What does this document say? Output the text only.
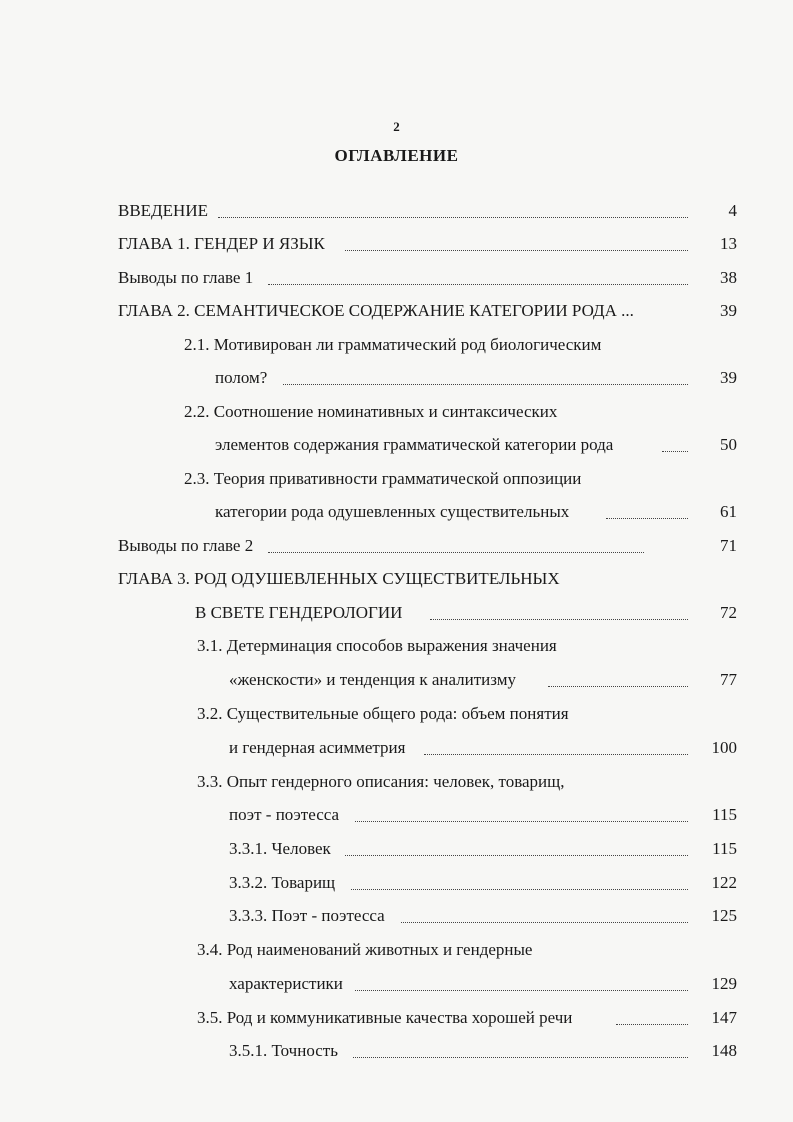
2
ОГЛАВЛЕНИЕ
ВВЕДЕНИЕ	4
ГЛАВА 1. ГЕНДЕР И ЯЗЫК	13
Выводы по главе 1	38
ГЛАВА 2. СЕМАНТИЧЕСКОЕ СОДЕРЖАНИЕ КАТЕГОРИИ РОДА ...	39
2.1. Мотивирован ли грамматический род биологическим
полом?	39
2.2. Соотношение номинативных и синтаксических
элементов содержания грамматической категории рода	50
2.3. Теория привативности грамматической оппозиции
категории рода одушевленных существительных	61
Выводы по главе 2	71
ГЛАВА 3. РОД ОДУШЕВЛЕННЫХ СУЩЕСТВИТЕЛЬНЫХ
В СВЕТЕ ГЕНДЕРОЛОГИИ	72
3.1. Детерминация способов выражения значения
«женскости» и тенденция к аналитизму	77
3.2. Существительные общего рода: объем понятия
и гендерная асимметрия	100
3.3. Опыт гендерного описания: человек, товарищ,
поэт - поэтесса	115
3.3.1. Человек	115
3.3.2. Товарищ	122
3.3.3. Поэт - поэтесса	125
3.4. Род наименований животных и гендерные
характеристики	129
3.5. Род и коммуникативные качества хорошей речи	147
3.5.1. Точность	148
